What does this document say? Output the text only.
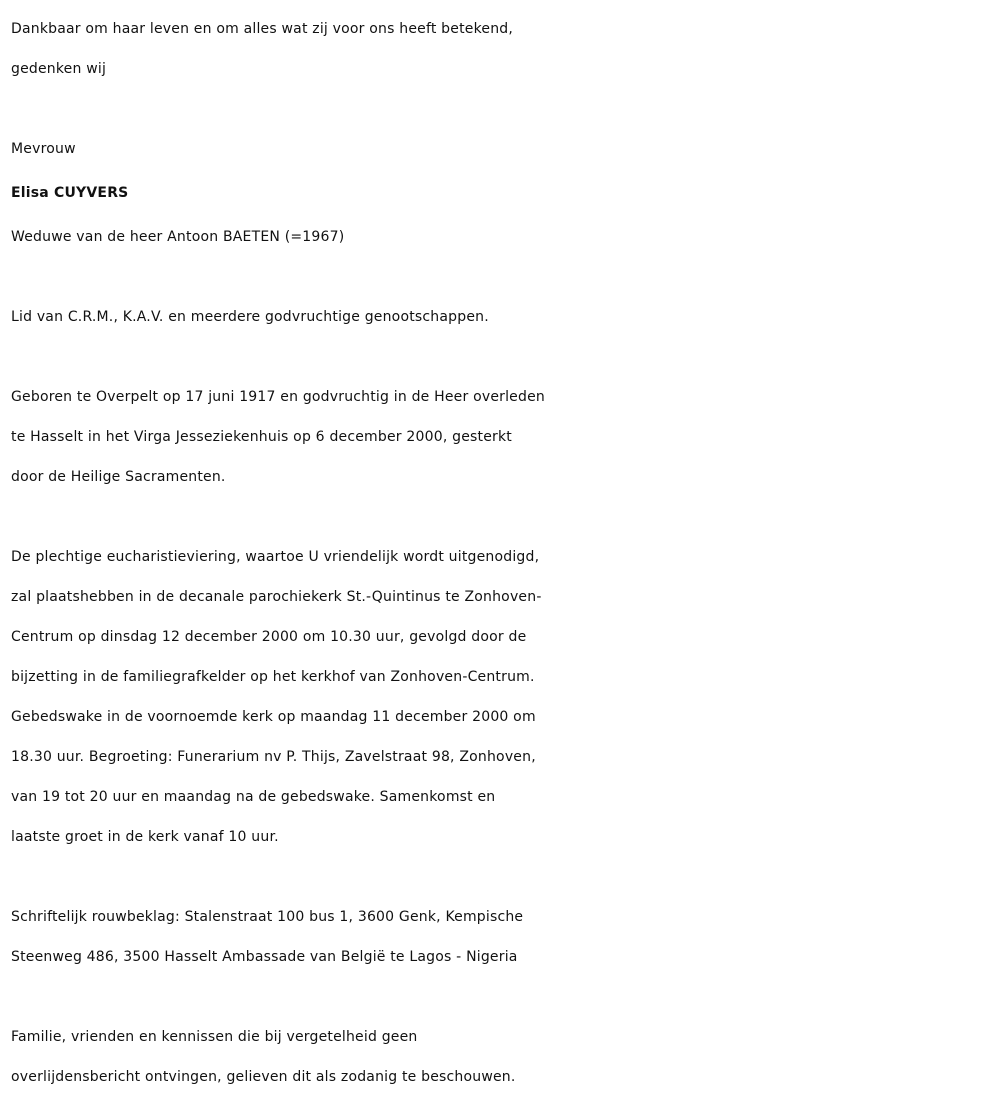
Dankbaar om haar leven en om alles wat zij voor ons heeft betekend,
gedenken wij
Mevrouw
Elisa CUYVERS
Weduwe van de heer Antoon BAETEN (=1967)
Lid van C.R.M., K.A.V. en meerdere godvruchtige genootschappen.
Geboren te Overpelt op 17 juni 1917 en godvruchtig in de Heer overleden
te Hasselt in het Virga Jesseziekenhuis op 6 december 2000, gesterkt
door de Heilige Sacramenten.
De plechtige eucharistieviering, waartoe U vriendelijk wordt uitgenodigd,
zal plaatshebben in de decanale parochiekerk St.-Quintinus te Zonhoven-
Centrum op dinsdag 12 december 2000 om 10.30 uur, gevolgd door de
bijzetting in de familiegrafkelder op het kerkhof van Zonhoven-Centrum.
Gebedswake in de voornoemde kerk op maandag 11 december 2000 om
18.30 uur. Begroeting: Funerarium nv P. Thijs, Zavelstraat 98, Zonhoven,
van 19 tot 20 uur en maandag na de gebedswake. Samenkomst en
laatste groet in de kerk vanaf 10 uur.
Schriftelijk rouwbeklag: Stalenstraat 100 bus 1, 3600 Genk, Kempische
Steenweg 486, 3500 Hasselt Ambassade van België te Lagos - Nigeria
Familie, vrienden en kennissen die bij vergetelheid geen
overlijdensbericht ontvingen, gelieven dit als zodanig te beschouwen.
